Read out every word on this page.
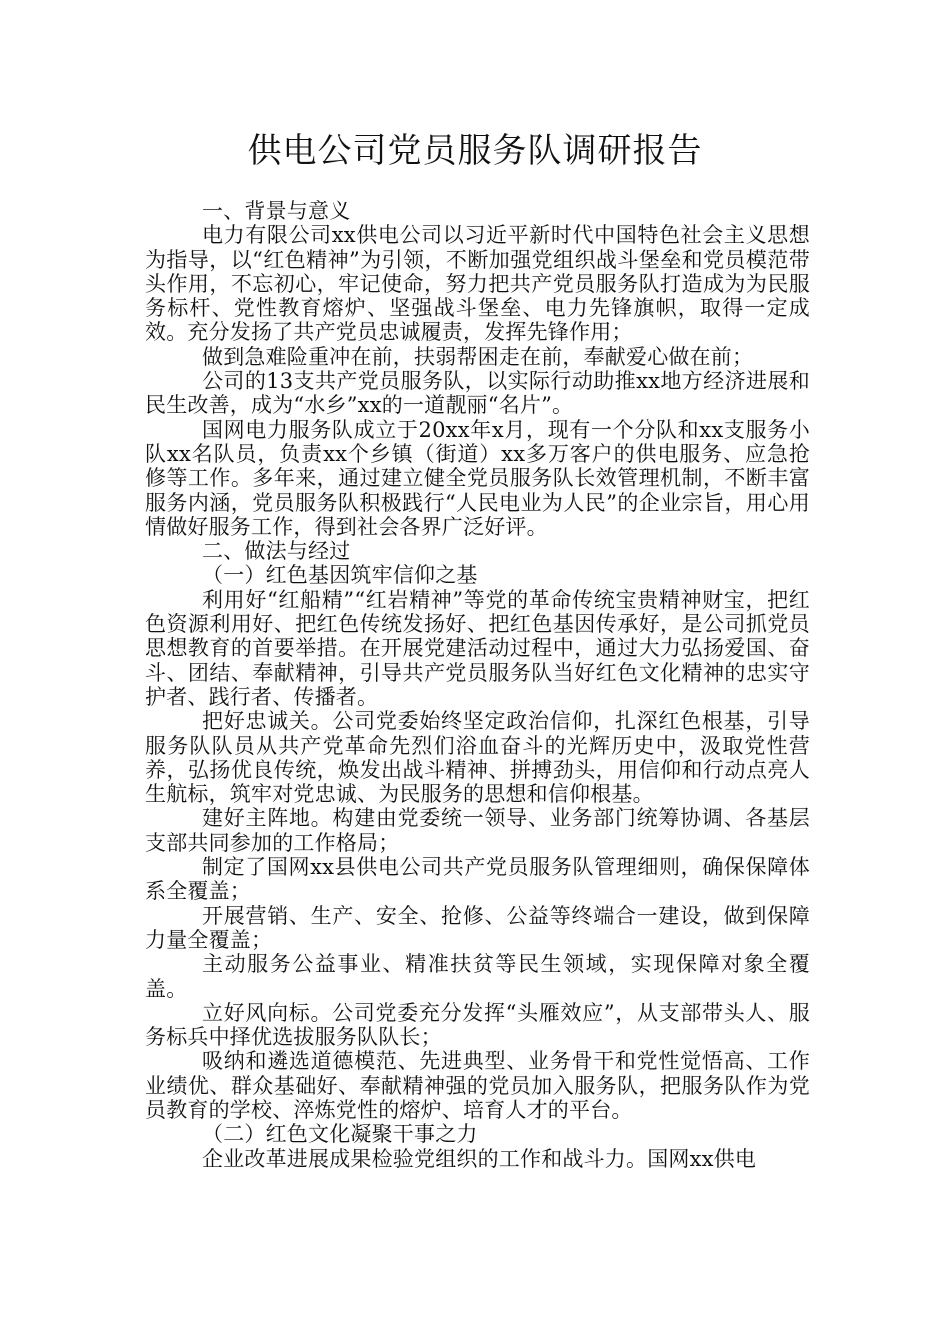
供电公司党员服务队调研报告

一、背景与意义

电力有限公司xx供电公司以习近平新时代中国特色社会主义思想为指导，以“红色精神”为引领，不断加强党组织战斗堡垒和党员模范带头作用，不忘初心，牢记使命，努力把共产党员服务队打造成为为民服务标杆、党性教育熔炉、坚强战斗堡垒、电力先锋旗帜，取得一定成效。充分发扬了共产党员忠诚履责，发挥先锋作用；

做到急难险重冲在前，扶弱帮困走在前，奉献爱心做在前；

公司的13支共产党员服务队，以实际行动助推xx地方经济进展和民生改善，成为“水乡”xx的一道靓丽“名片”。

国网电力服务队成立于20xx年x月，现有一个分队和xx支服务小队xx名队员，负责xx个乡镇（街道）xx多万客户的供电服务、应急抢修等工作。多年来，通过建立健全党员服务队长效管理机制，不断丰富服务内涵，党员服务队积极践行“人民电业为人民”的企业宗旨，用心用情做好服务工作，得到社会各界广泛好评。

二、做法与经过

（一）红色基因筑牢信仰之基

利用好“红船精”“红岩精神”等党的革命传统宝贵精神财宝，把红色资源利用好、把红色传统发扬好、把红色基因传承好，是公司抓党员思想教育的首要举措。在开展党建活动过程中，通过大力弘扬爱国、奋斗、团结、奉献精神，引导共产党员服务队当好红色文化精神的忠实守护者、践行者、传播者。

把好忠诚关。公司党委始终坚定政治信仰，扎深红色根基，引导服务队队员从共产党革命先烈们浴血奋斗的光辉历史中，汲取党性营养，弘扬优良传统，焕发出战斗精神、拼搏劲头，用信仰和行动点亮人生航标，筑牢对党忠诚、为民服务的思想和信仰根基。

建好主阵地。构建由党委统一领导、业务部门统筹协调、各基层支部共同参加的工作格局；

制定了国网xx县供电公司共产党员服务队管理细则，确保保障体系全覆盖；

开展营销、生产、安全、抢修、公益等终端合一建设，做到保障力量全覆盖；

主动服务公益事业、精准扶贫等民生领域，实现保障对象全覆盖。

立好风向标。公司党委充分发挥“头雁效应”，从支部带头人、服务标兵中择优选拔服务队队长；

吸纳和遴选道德模范、先进典型、业务骨干和党性觉悟高、工作业绩优、群众基础好、奉献精神强的党员加入服务队，把服务队作为党员教育的学校、淬炼党性的熔炉、培育人才的平台。

（二）红色文化凝聚干事之力

企业改革进展成果检验党组织的工作和战斗力。国网xx供电
